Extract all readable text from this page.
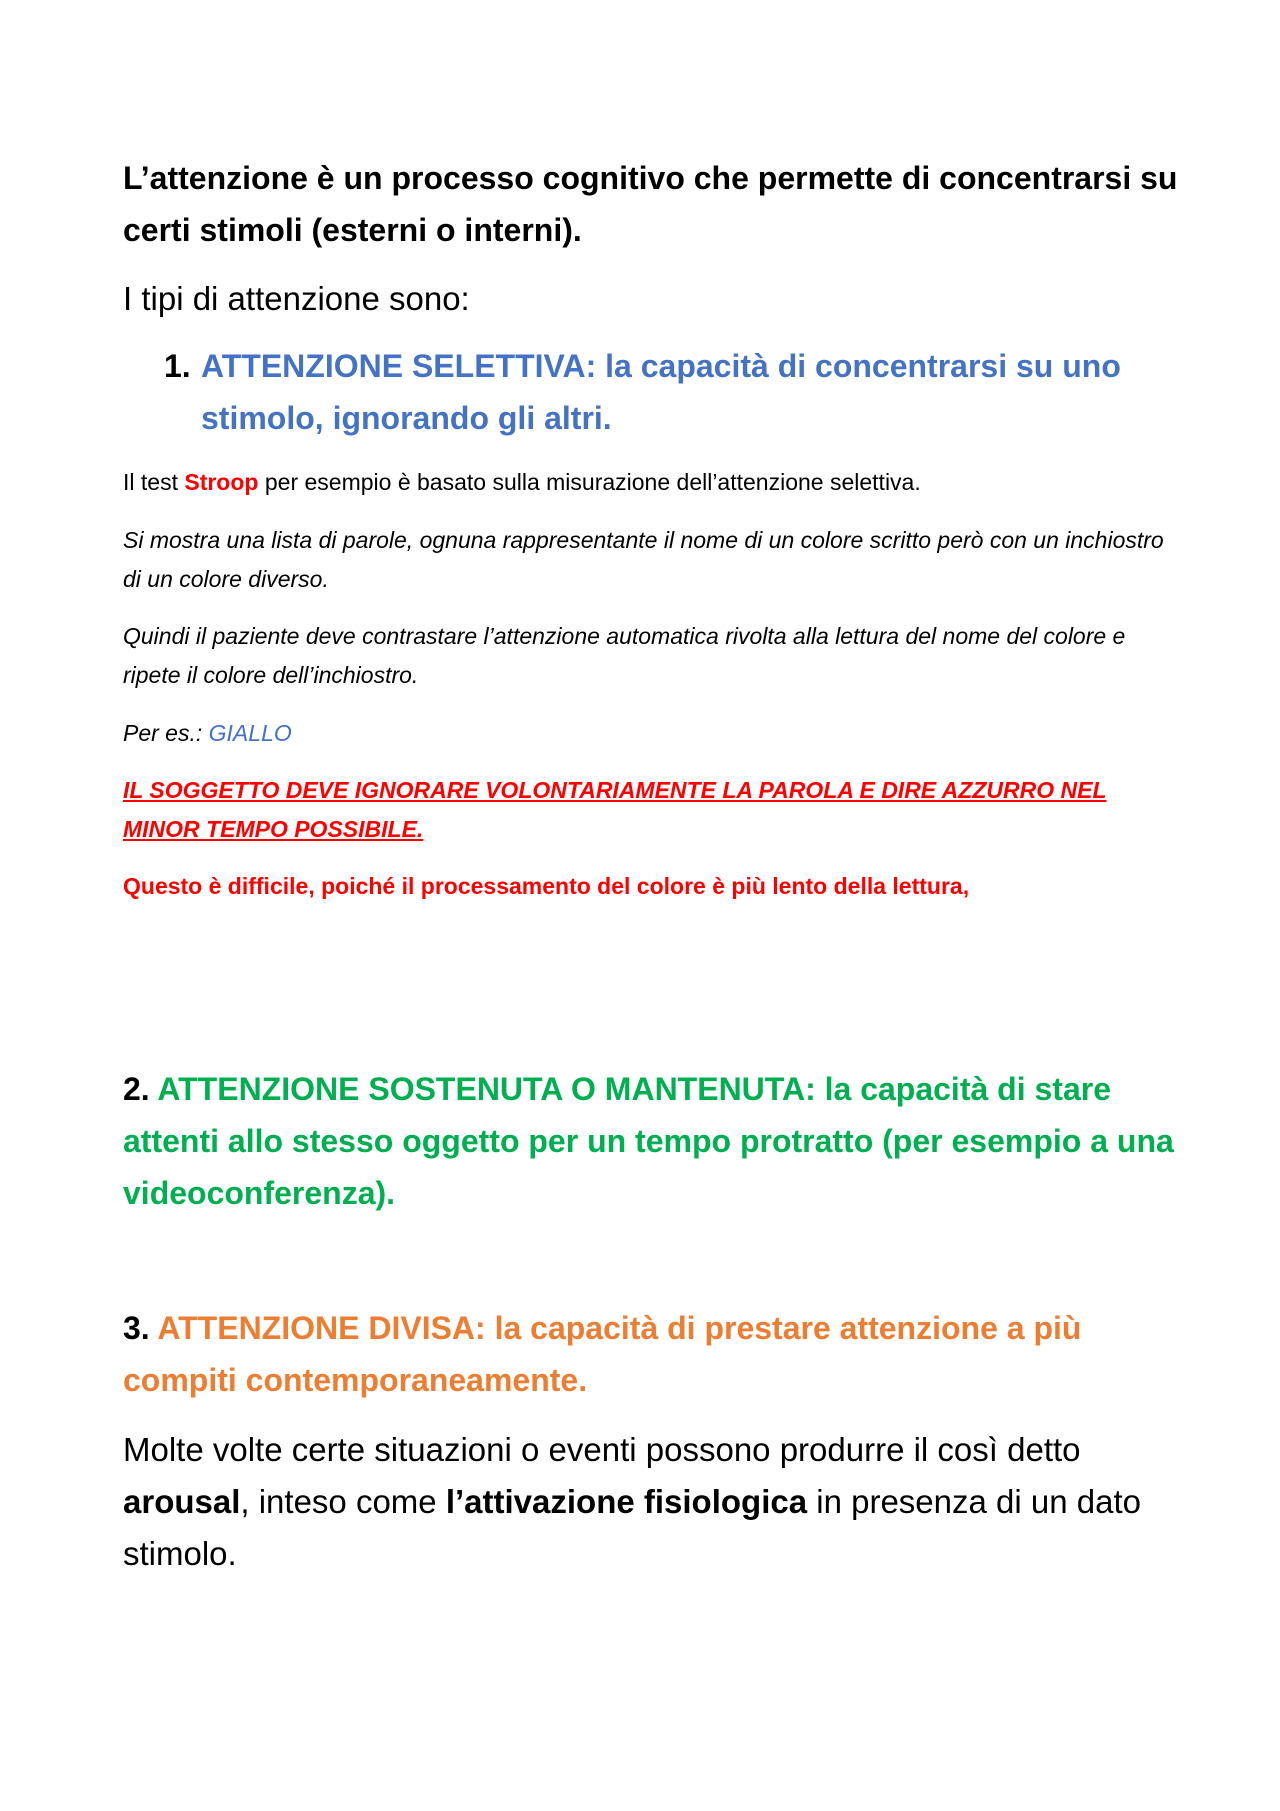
L’attenzione è un processo cognitivo che permette di concentrarsi su certi stimoli (esterni o interni).

I tipi di attenzione sono:

1. ATTENZIONE SELETTIVA: la capacità di concentrarsi su uno stimolo, ignorando gli altri.

Il test Stroop per esempio è basato sulla misurazione dell’attenzione selettiva.

Si mostra una lista di parole, ognuna rappresentante il nome di un colore scritto però con un inchiostro di un colore diverso.

Quindi il paziente deve contrastare l’attenzione automatica rivolta alla lettura del nome del colore e ripete il colore dell’inchiostro.

Per es.: GIALLO

IL SOGGETTO DEVE IGNORARE VOLONTARIAMENTE LA PAROLA E DIRE AZZURRO NEL MINOR TEMPO POSSIBILE.

Questo è difficile, poiché il processamento del colore è più lento della lettura,

2. ATTENZIONE SOSTENUTA O MANTENUTA: la capacità di stare attenti allo stesso oggetto per un tempo protratto (per esempio a una videoconferenza).

3. ATTENZIONE DIVISA: la capacità di prestare attenzione a più compiti contemporaneamente.

Molte volte certe situazioni o eventi possono produrre il così detto arousal, inteso come l’attivazione fisiologica in presenza di un dato stimolo.
